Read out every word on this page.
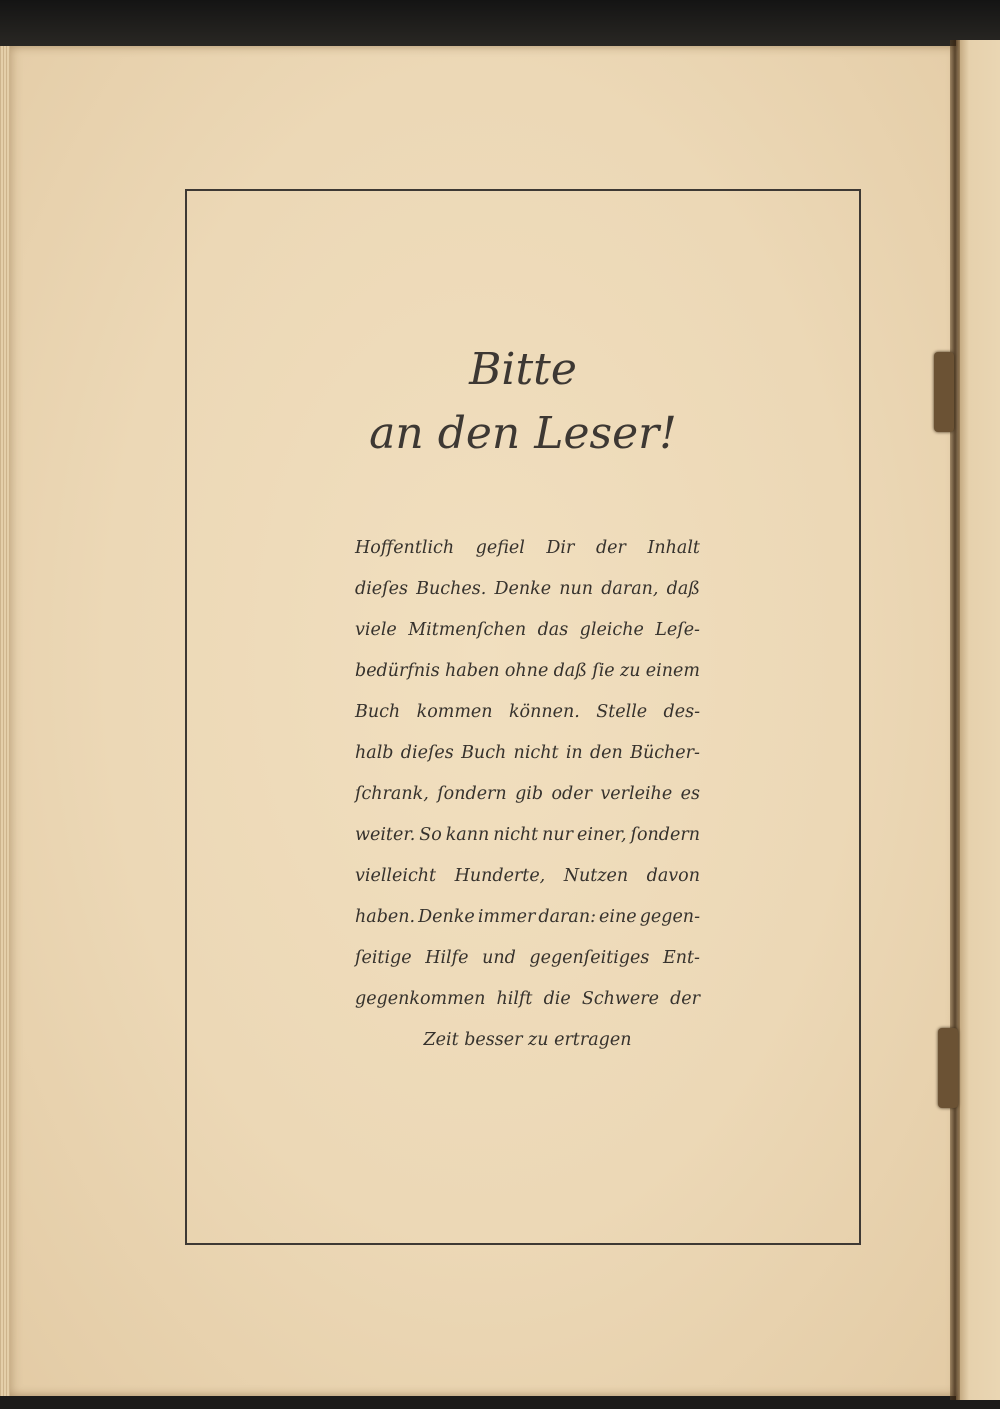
Bitte
an den Leser!
Hoffentlich gefiel Dir der Inhalt
dieſes Buches. Denke nun daran, daß
viele Mitmenſchen das gleiche Leſe-
bedürfnis haben ohne daß ſie zu einem
Buch kommen können. Stelle des-
halb dieſes Buch nicht in den Bücher-
ſchrank, ſondern gib oder verleihe es
weiter. So kann nicht nur einer, ſondern
vielleicht Hunderte, Nutzen davon
haben. Denke immer daran: eine gegen-
ſeitige Hilfe und gegenſeitiges Ent-
gegenkommen hilft die Schwere der
Zeit besser zu ertragen
